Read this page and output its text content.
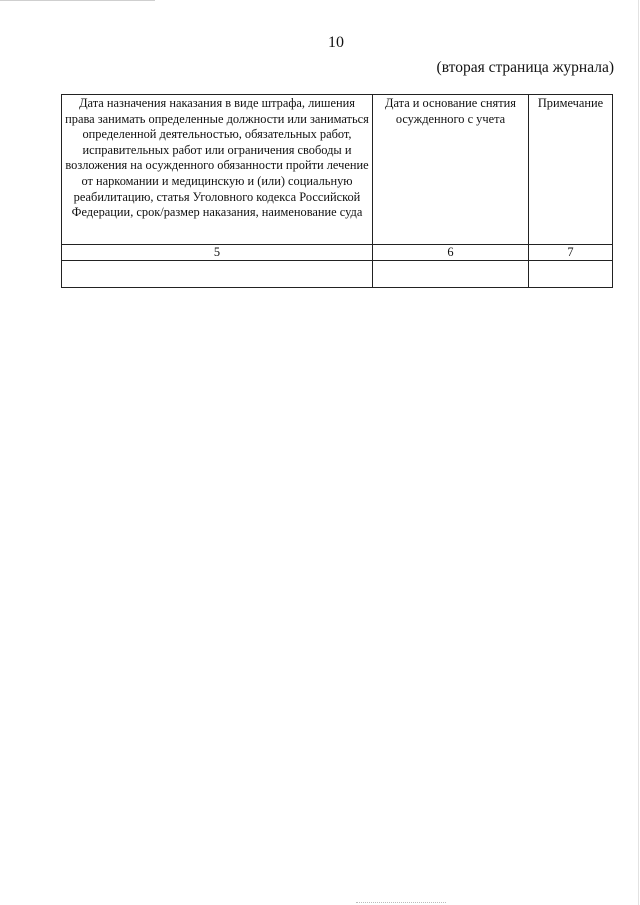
10
(вторая страница журнала)
Дата назначения наказания в виде штрафа, лишения права занимать определенные должности или заниматься определенной деятельностью, обязательных работ, исправительных работ или ограничения свободы и возложения на осужденного обязанности пройти лечение от наркомании и медицинскую и (или) социальную реабилитацию, статья Уголовного кодекса Российской Федерации, срок/размер наказания, наименование суда	Дата и основание снятия осужденного с учета	Примечание
5	6	7
